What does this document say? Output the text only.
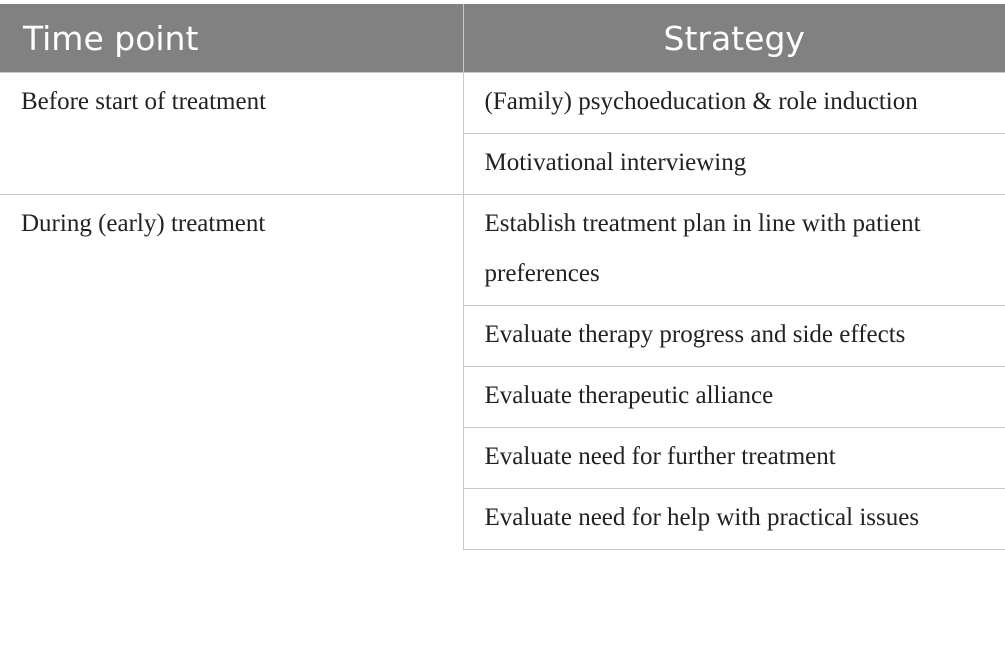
Time point	Strategy
Before start of treatment	(Family) psychoeducation & role induction
	Motivational interviewing
During (early) treatment	Establish treatment plan in line with patient preferences
	Evaluate therapy progress and side effects
	Evaluate therapeutic alliance
	Evaluate need for further treatment
	Evaluate need for help with practical issues
